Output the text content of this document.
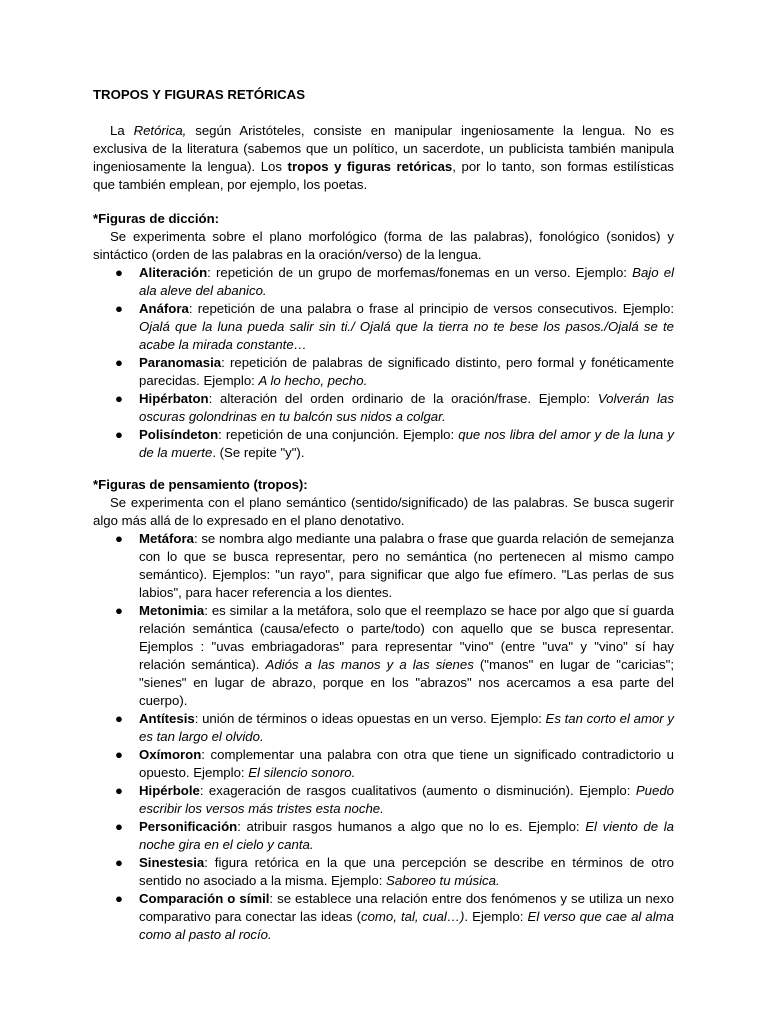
TROPOS Y FIGURAS RETÓRICAS

La Retórica, según Aristóteles, consiste en manipular ingeniosamente la lengua. No es exclusiva de la literatura (sabemos que un político, un sacerdote, un publicista también manipula ingeniosamente la lengua). Los tropos y figuras retóricas, por lo tanto, son formas estilísticas que también emplean, por ejemplo, los poetas.

*Figuras de dicción:

Se experimenta sobre el plano morfológico (forma de las palabras), fonológico (sonidos) y sintáctico (orden de las palabras en la oración/verso) de la lengua.

● Aliteración: repetición de un grupo de morfemas/fonemas en un verso. Ejemplo: Bajo el ala aleve del abanico.
● Anáfora: repetición de una palabra o frase al principio de versos consecutivos. Ejemplo: Ojalá que la luna pueda salir sin ti./ Ojalá que la tierra no te bese los pasos./Ojalá se te acabe la mirada constante…
● Paranomasia: repetición de palabras de significado distinto, pero formal y fonéticamente parecidas. Ejemplo: A lo hecho, pecho.
● Hipérbaton: alteración del orden ordinario de la oración/frase. Ejemplo: Volverán las oscuras golondrinas en tu balcón sus nidos a colgar.
● Polisíndeton: repetición de una conjunción. Ejemplo: que nos libra del amor y de la luna y de la muerte. (Se repite "y").

*Figuras de pensamiento (tropos):

Se experimenta con el plano semántico (sentido/significado) de las palabras. Se busca sugerir algo más allá de lo expresado en el plano denotativo.

● Metáfora: se nombra algo mediante una palabra o frase que guarda relación de semejanza con lo que se busca representar, pero no semántica (no pertenecen al mismo campo semántico). Ejemplos: "un rayo", para significar que algo fue efímero. "Las perlas de sus labios", para hacer referencia a los dientes.
● Metonimia: es similar a la metáfora, solo que el reemplazo se hace por algo que sí guarda relación semántica (causa/efecto o parte/todo) con aquello que se busca representar. Ejemplos : "uvas embriagadoras" para representar "vino" (entre "uva" y "vino" sí hay relación semántica). Adiós a las manos y a las sienes ("manos" en lugar de "caricias"; "sienes" en lugar de abrazo, porque en los "abrazos" nos acercamos a esa parte del cuerpo).
● Antítesis: unión de términos o ideas opuestas en un verso. Ejemplo: Es tan corto el amor y es tan largo el olvido.
● Oxímoron: complementar una palabra con otra que tiene un significado contradictorio u opuesto. Ejemplo: El silencio sonoro.
● Hipérbole: exageración de rasgos cualitativos (aumento o disminución). Ejemplo: Puedo escribir los versos más tristes esta noche.
● Personificación: atribuir rasgos humanos a algo que no lo es. Ejemplo: El viento de la noche gira en el cielo y canta.
● Sinestesia: figura retórica en la que una percepción se describe en términos de otro sentido no asociado a la misma. Ejemplo: Saboreo tu música.
● Comparación o símil: se establece una relación entre dos fenómenos y se utiliza un nexo comparativo para conectar las ideas (como, tal, cual…). Ejemplo: El verso que cae al alma como al pasto al rocío.
